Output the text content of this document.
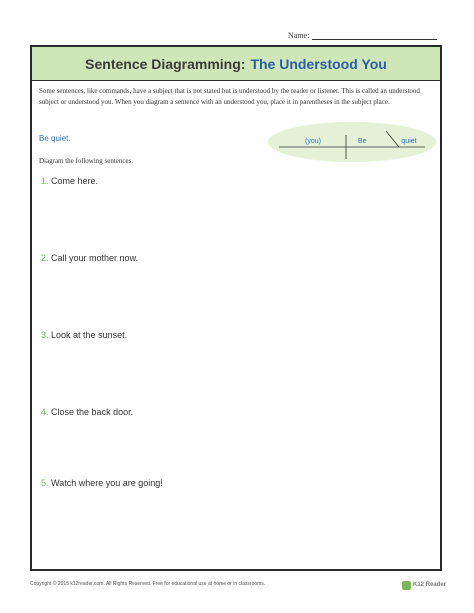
Name:
Sentence Diagramming: The Understood You
Some sentences, like commands, have a subject that is not stated but is understood by the reader or listener. This is called an understood subject or understood you. When you diagram a sentence with an understood you, place it in parentheses in the subject place.
Be quiet.	(you)	Be	quiet
Diagram the following sentences.
1. Come here.
2. Call your mother now.
3. Look at the sunset.
4. Close the back door.
5. Watch where you are going!
Copyright © 2015 k12reader.com. All Rights Reserved. Free for educational use at home or in classrooms.	K12 Reader
